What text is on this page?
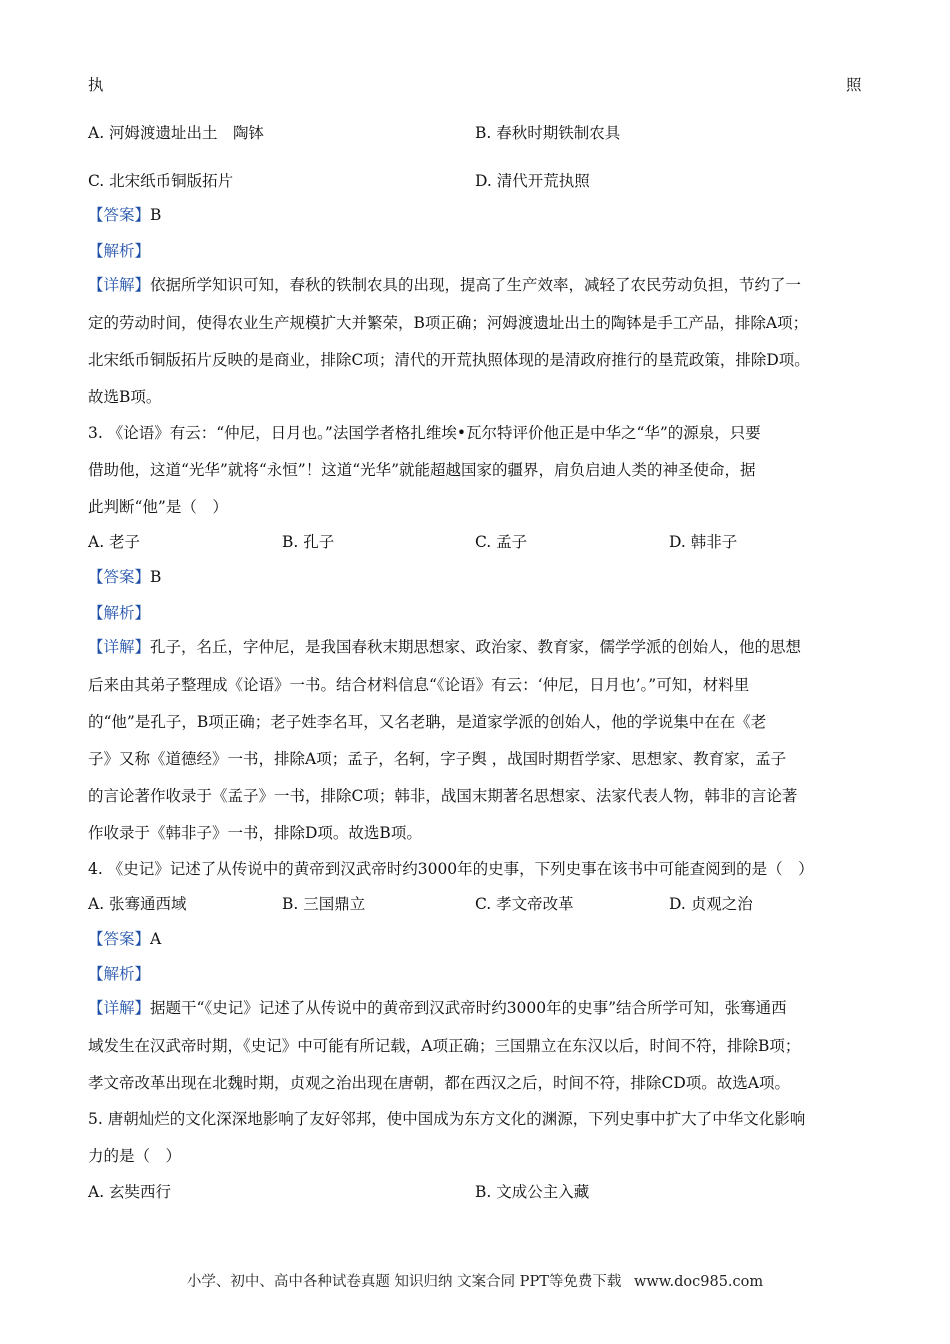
执	照
A. 河姆渡遗址出土　陶钵	B. 春秋时期铁制农具
C. 北宋纸币铜版拓片	D. 清代开荒执照
【答案】B
【解析】
【详解】依据所学知识可知，春秋的铁制农具的出现，提高了生产效率，减轻了农民劳动负担，节约了一
定的劳动时间，使得农业生产规模扩大并繁荣，B项正确；河姆渡遗址出土的陶钵是手工产品，排除A项；
北宋纸币铜版拓片反映的是商业，排除C项；清代的开荒执照体现的是清政府推行的垦荒政策，排除D项。
故选B项。
3. 《论语》有云：“仲尼，日月也。”法国学者格扎维埃•瓦尔特评价他正是中华之“华”的源泉，只要
借助他，这道“光华”就将“永恒”！这道“光华”就能超越国家的疆界，肩负启迪人类的神圣使命，据
此判断“他”是（　）
A. 老子	B. 孔子	C. 孟子	D. 韩非子
【答案】B
【解析】
【详解】孔子，名丘，字仲尼，是我国春秋末期思想家、政治家、教育家，儒学学派的创始人，他的思想
后来由其弟子整理成《论语》一书。结合材料信息“《论语》有云：‘仲尼，日月也’。”可知，材料里
的“他”是孔子，B项正确；老子姓李名耳，又名老聃，是道家学派的创始人，他的学说集中在在《老
子》又称《道德经》一书，排除A项；孟子，名轲，字子舆 ，战国时期哲学家、思想家、教育家，孟子
的言论著作收录于《孟子》一书，排除C项；韩非，战国末期著名思想家、法家代表人物，韩非的言论著
作收录于《韩非子》一书，排除D项。故选B项。
4. 《史记》记述了从传说中的黄帝到汉武帝时约3000年的史事，下列史事在该书中可能查阅到的是（　）
A. 张骞通西域	B. 三国鼎立	C. 孝文帝改革	D. 贞观之治
【答案】A
【解析】
【详解】据题干“《史记》记述了从传说中的黄帝到汉武帝时约3000年的史事”结合所学可知，张骞通西
域发生在汉武帝时期，《史记》中可能有所记载，A项正确；三国鼎立在东汉以后，时间不符，排除B项；
孝文帝改革出现在北魏时期，贞观之治出现在唐朝，都在西汉之后，时间不符，排除CD项。故选A项。
5. 唐朝灿烂的文化深深地影响了友好邻邦，使中国成为东方文化的渊源，下列史事中扩大了中华文化影响
力的是（　）
A. 玄奘西行	B. 文成公主入藏
小学、初中、高中各种试卷真题 知识归纳 文案合同 PPT等免费下载 www.doc985.com
